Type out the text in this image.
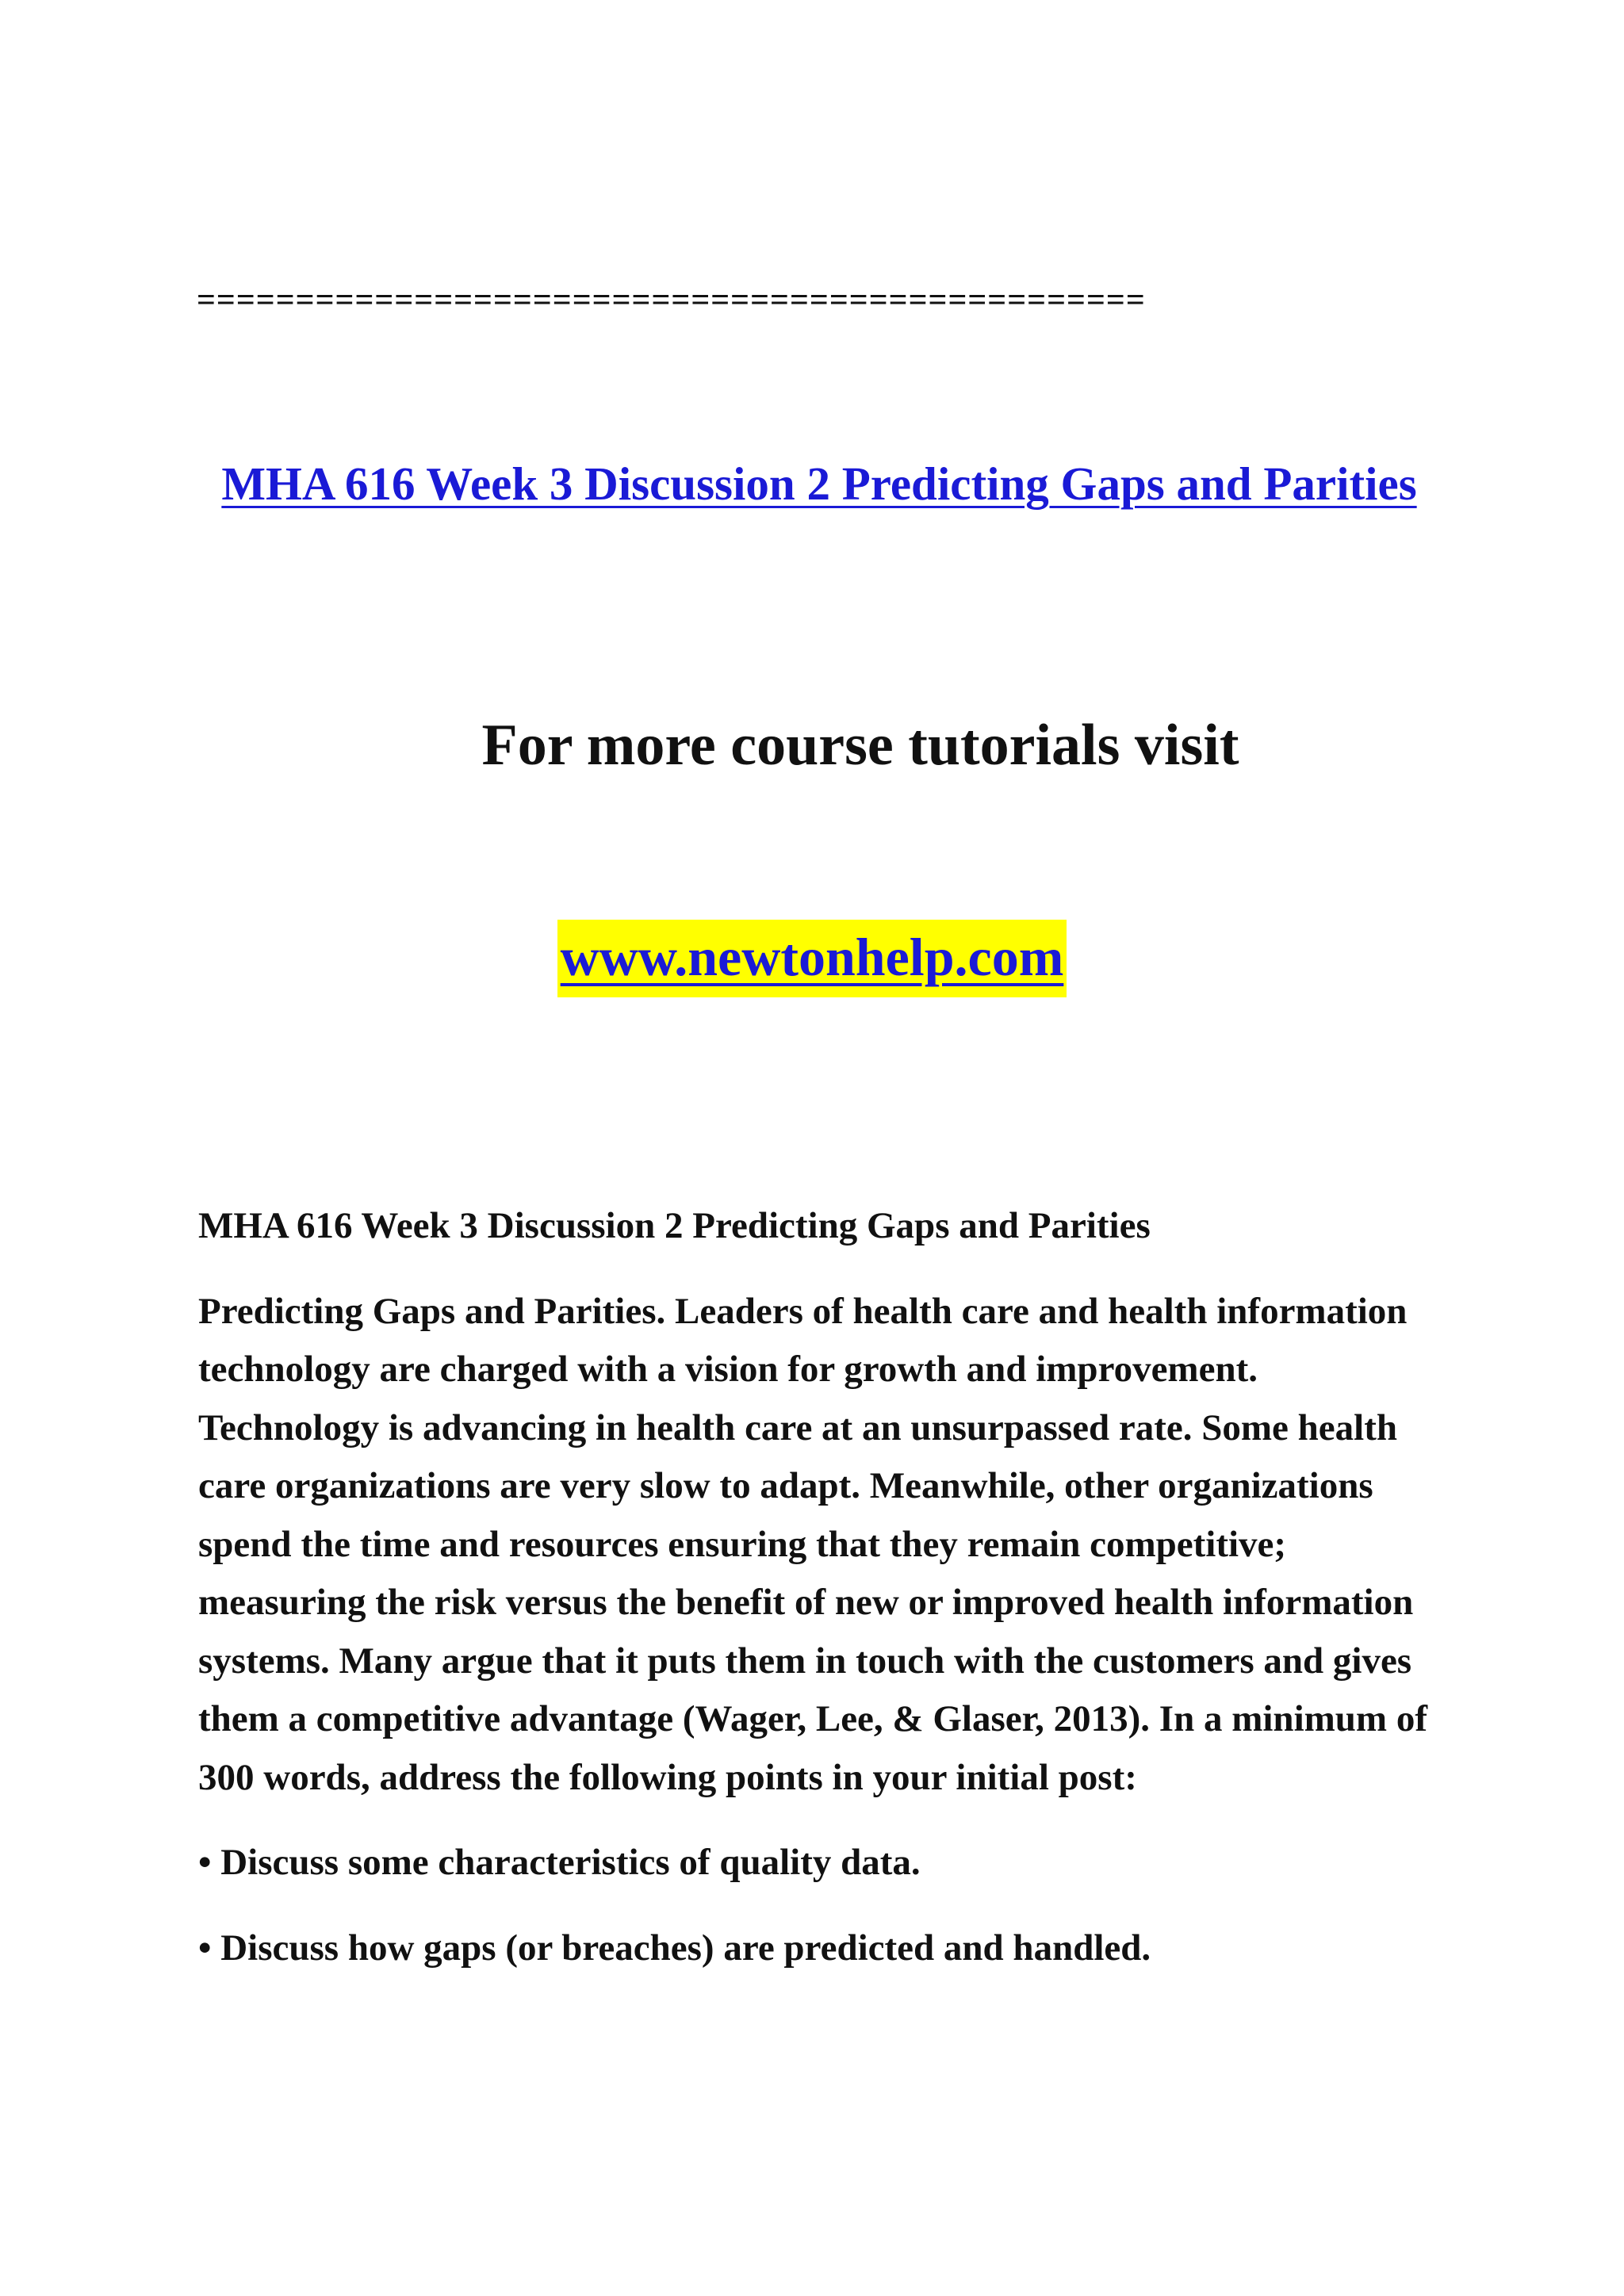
================================================
MHA 616 Week 3 Discussion 2 Predicting Gaps and Parities
For more course tutorials visit
www.newtonhelp.com

MHA 616 Week 3 Discussion 2 Predicting Gaps and Parities

Predicting Gaps and Parities. Leaders of health care and health information technology are charged with a vision for growth and improvement. Technology is advancing in health care at an unsurpassed rate. Some health care organizations are very slow to adapt. Meanwhile, other organizations spend the time and resources ensuring that they remain competitive; measuring the risk versus the benefit of new or improved health information systems. Many argue that it puts them in touch with the customers and gives them a competitive advantage (Wager, Lee, & Glaser, 2013). In a minimum of 300 words, address the following points in your initial post:

• Discuss some characteristics of quality data.

• Discuss how gaps (or breaches) are predicted and handled.
